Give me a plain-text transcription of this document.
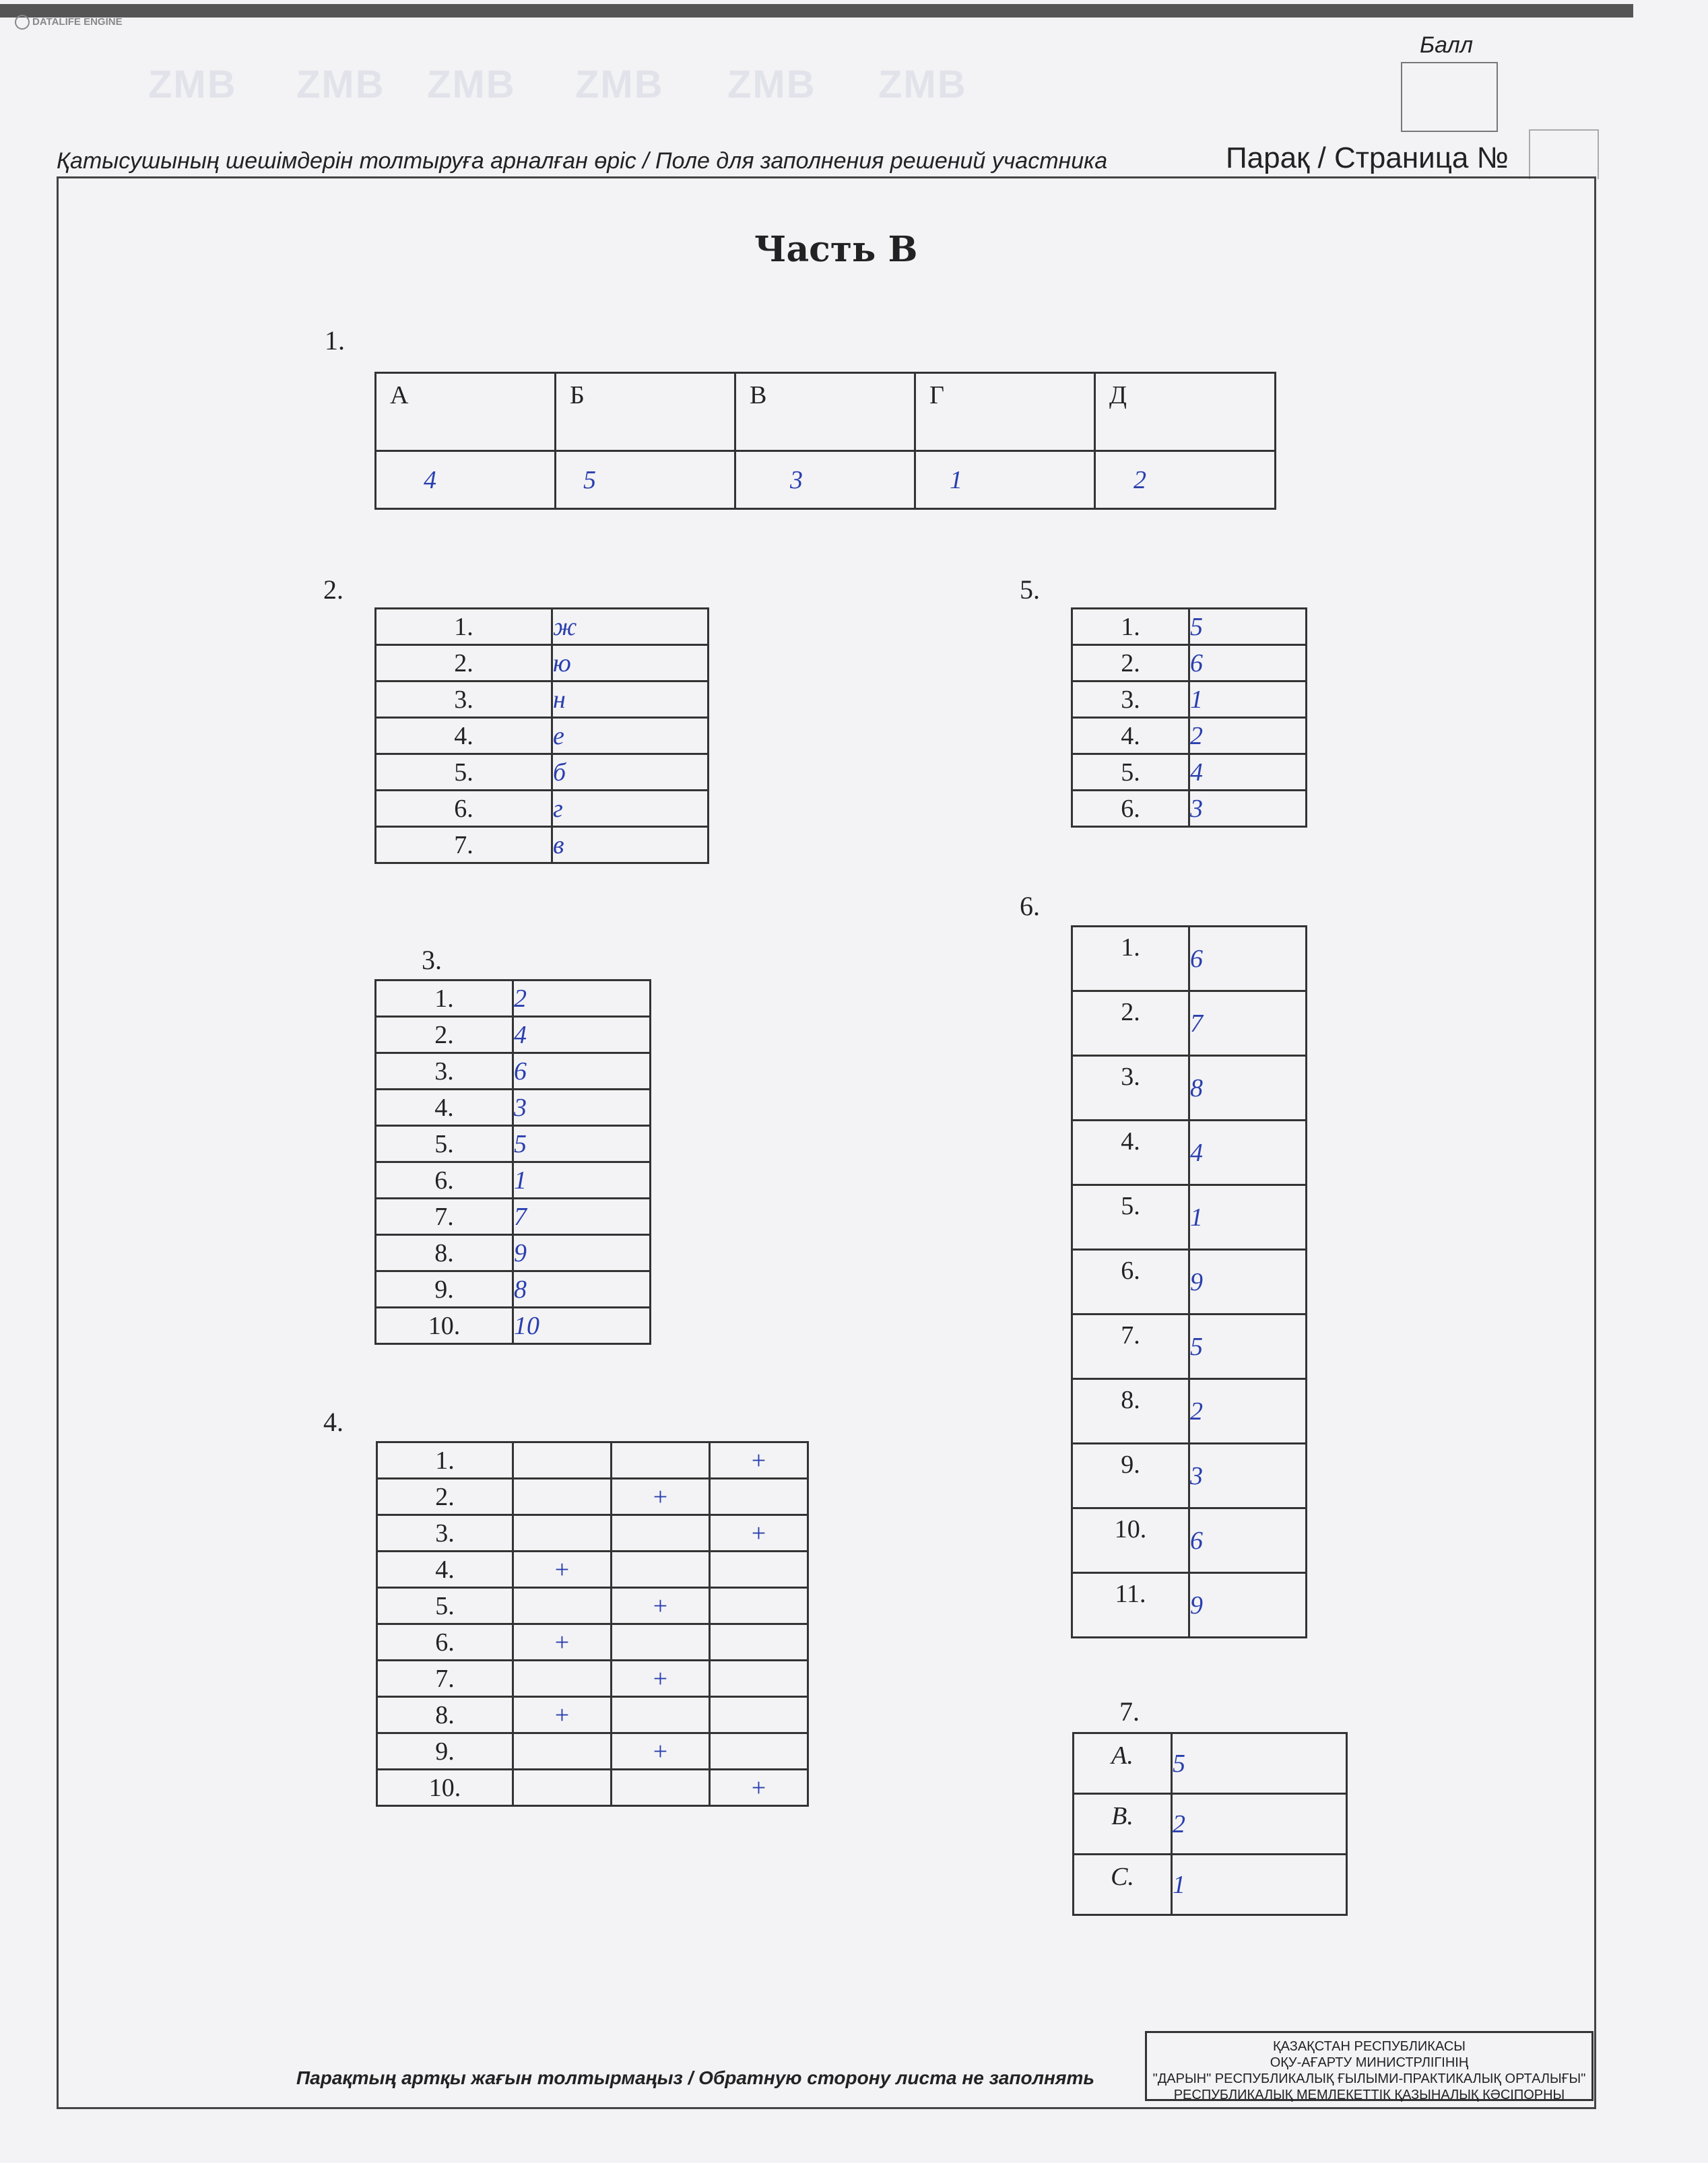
DATALIFE ENGINE
ZMB ZMB ZMB ZMB ZMB ZMB
Балл
Қатысушының шешімдерін толтыруға арналған өріс / Поле для заполнения решений участника	Парақ / Страница №
Часть В
1.
А	Б	В	Г	Д
4	5	3	1	2
2.
1.	ж
2.	ю
3.	н
4.	е
5.	б
6.	г
7.	в
5.
1.	5
2.	6
3.	1
4.	2
5.	4
6.	3
3.
1.	2
2.	4
3.	6
4.	3
5.	5
6.	1
7.	7
8.	9
9.	8
10.	10
6.
1.	6
2.	7
3.	8
4.	4
5.	1
6.	9
7.	5
8.	2
9.	3
10.	6
11.	9
4.
1.			+
2.		+	
3.			+
4.	+		
5.		+	
6.	+		
7.		+	
8.	+		
9.		+	
10.			+
7.
A.	5
B.	2
C.	1
Парақтың артқы жағын толтырмаңыз / Обратную сторону листа не заполнять
ҚАЗАҚСТАН РЕСПУБЛИКАСЫ
ОҚУ-АҒАРТУ МИНИСТРЛІГІНІҢ
"ДАРЫН" РЕСПУБЛИКАЛЫҚ ҒЫЛЫМИ-ПРАКТИКАЛЫҚ ОРТАЛЫҒЫ"
РЕСПУБЛИКАЛЫҚ МЕМЛЕКЕТТІК ҚАЗЫНАЛЫҚ КӘСІПОРНЫ
